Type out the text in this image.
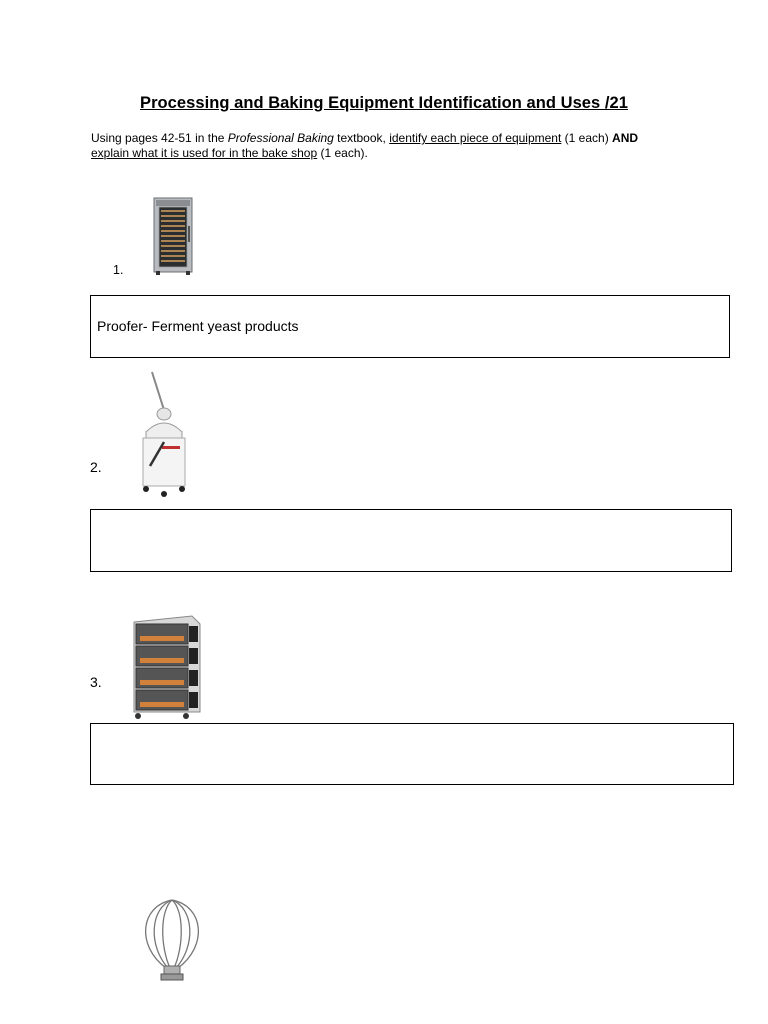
Processing and Baking Equipment Identification and Uses /21
Using pages 42-51 in the Professional Baking textbook, identify each piece of equipment (1 each) AND
explain what it is used for in the bake shop (1 each).
1.
Proofer- Ferment yeast products
2.
3.
